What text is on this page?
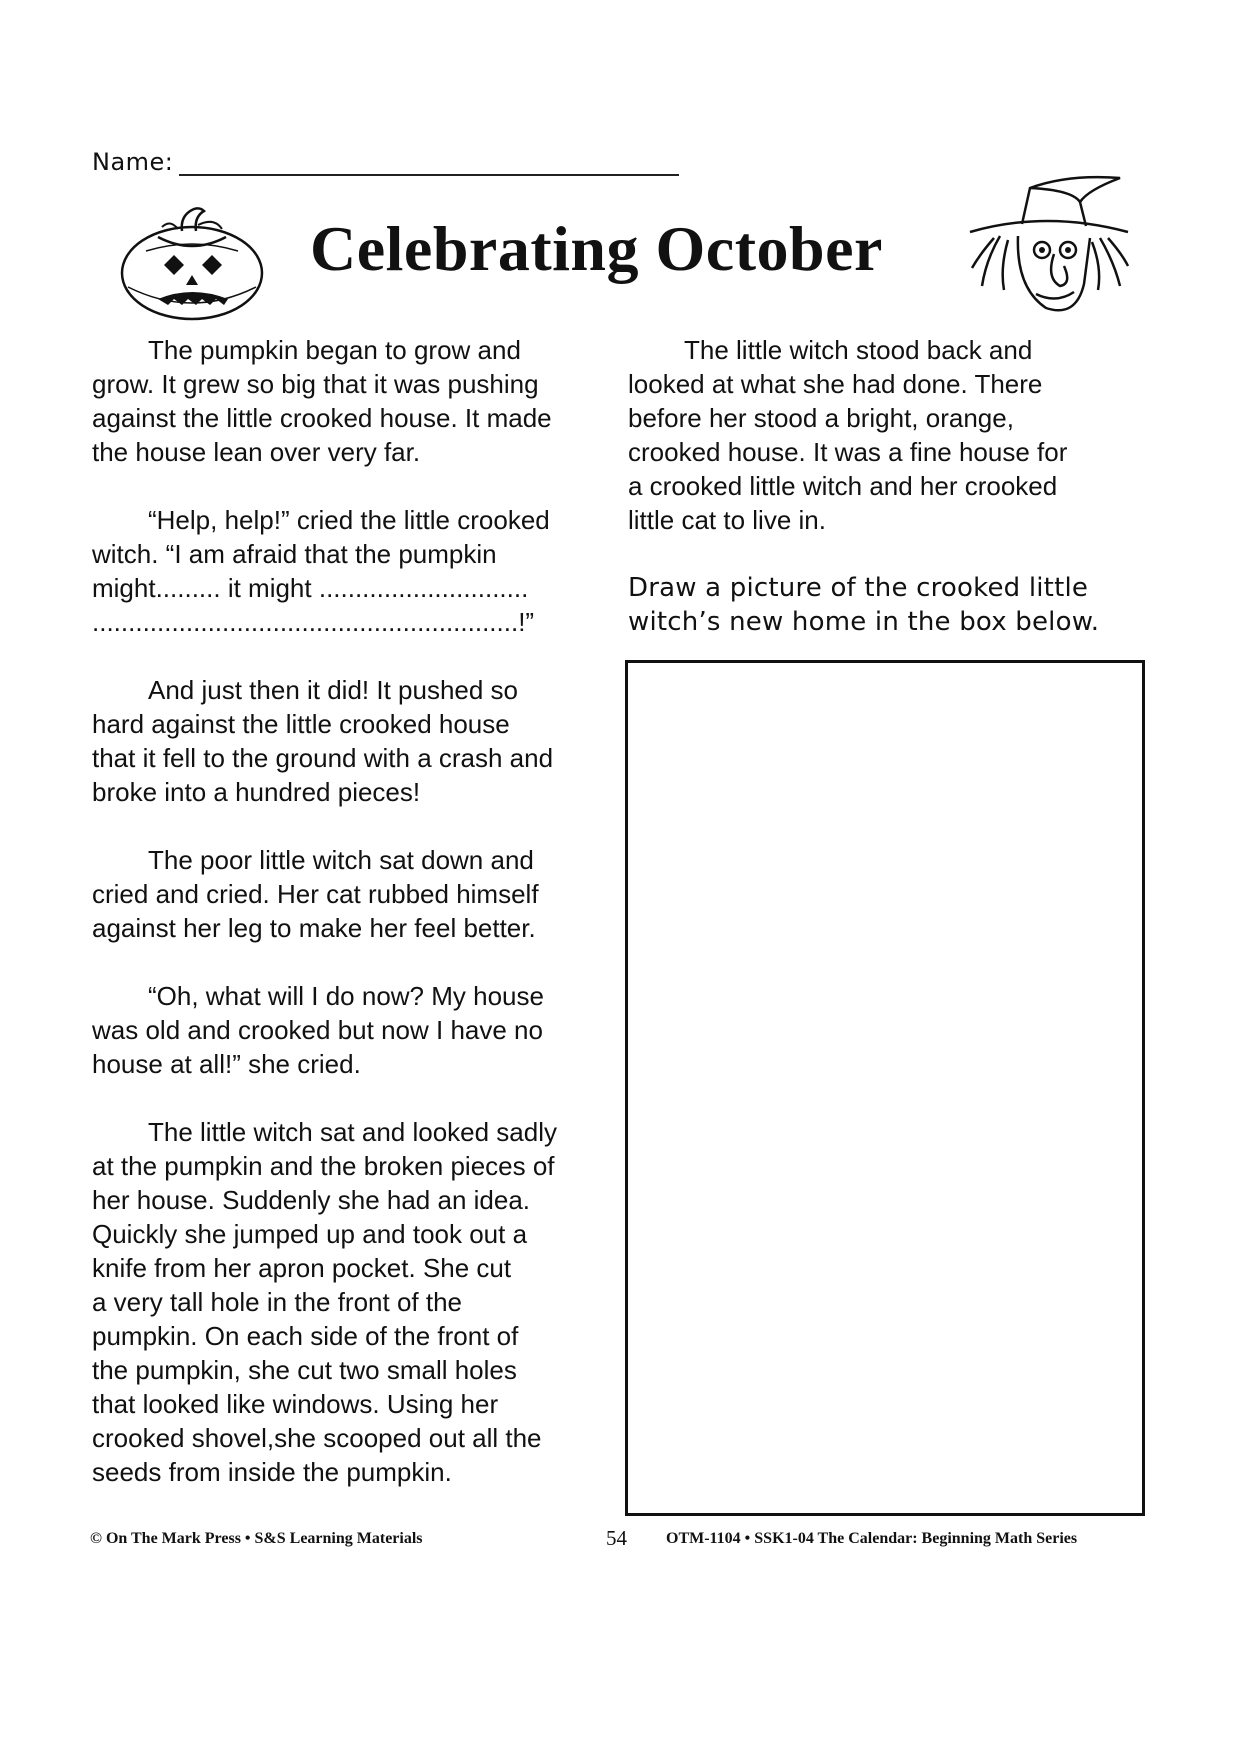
Name:
Celebrating October

The pumpkin began to grow and
grow. It grew so big that it was pushing
against the little crooked house. It made
the house lean over very far.

“Help, help!” cried the little crooked
witch. “I am afraid that the pumpkin
might......... it might .............................
...........................................................!”

And just then it did! It pushed so
hard against the little crooked house
that it fell to the ground with a crash and
broke into a hundred pieces!

The poor little witch sat down and
cried and cried. Her cat rubbed himself
against her leg to make her feel better.

“Oh, what will I do now? My house
was old and crooked but now I have no
house at all!” she cried.

The little witch sat and looked sadly
at the pumpkin and the broken pieces of
her house. Suddenly she had an idea.
Quickly she jumped up and took out a
knife from her apron pocket. She cut
a very tall hole in the front of the
pumpkin. On each side of the front of
the pumpkin, she cut two small holes
that looked like windows. Using her
crooked shovel,she scooped out all the
seeds from inside the pumpkin.

The little witch stood back and
looked at what she had done. There
before her stood a bright, orange,
crooked house. It was a fine house for
a crooked little witch and her crooked
little cat to live in.

Draw a picture of the crooked little
witch’s new home in the box below.

© On The Mark Press • S&S Learning Materials	54 OTM-1104 • SSK1-04 The Calendar: Beginning Math Series
